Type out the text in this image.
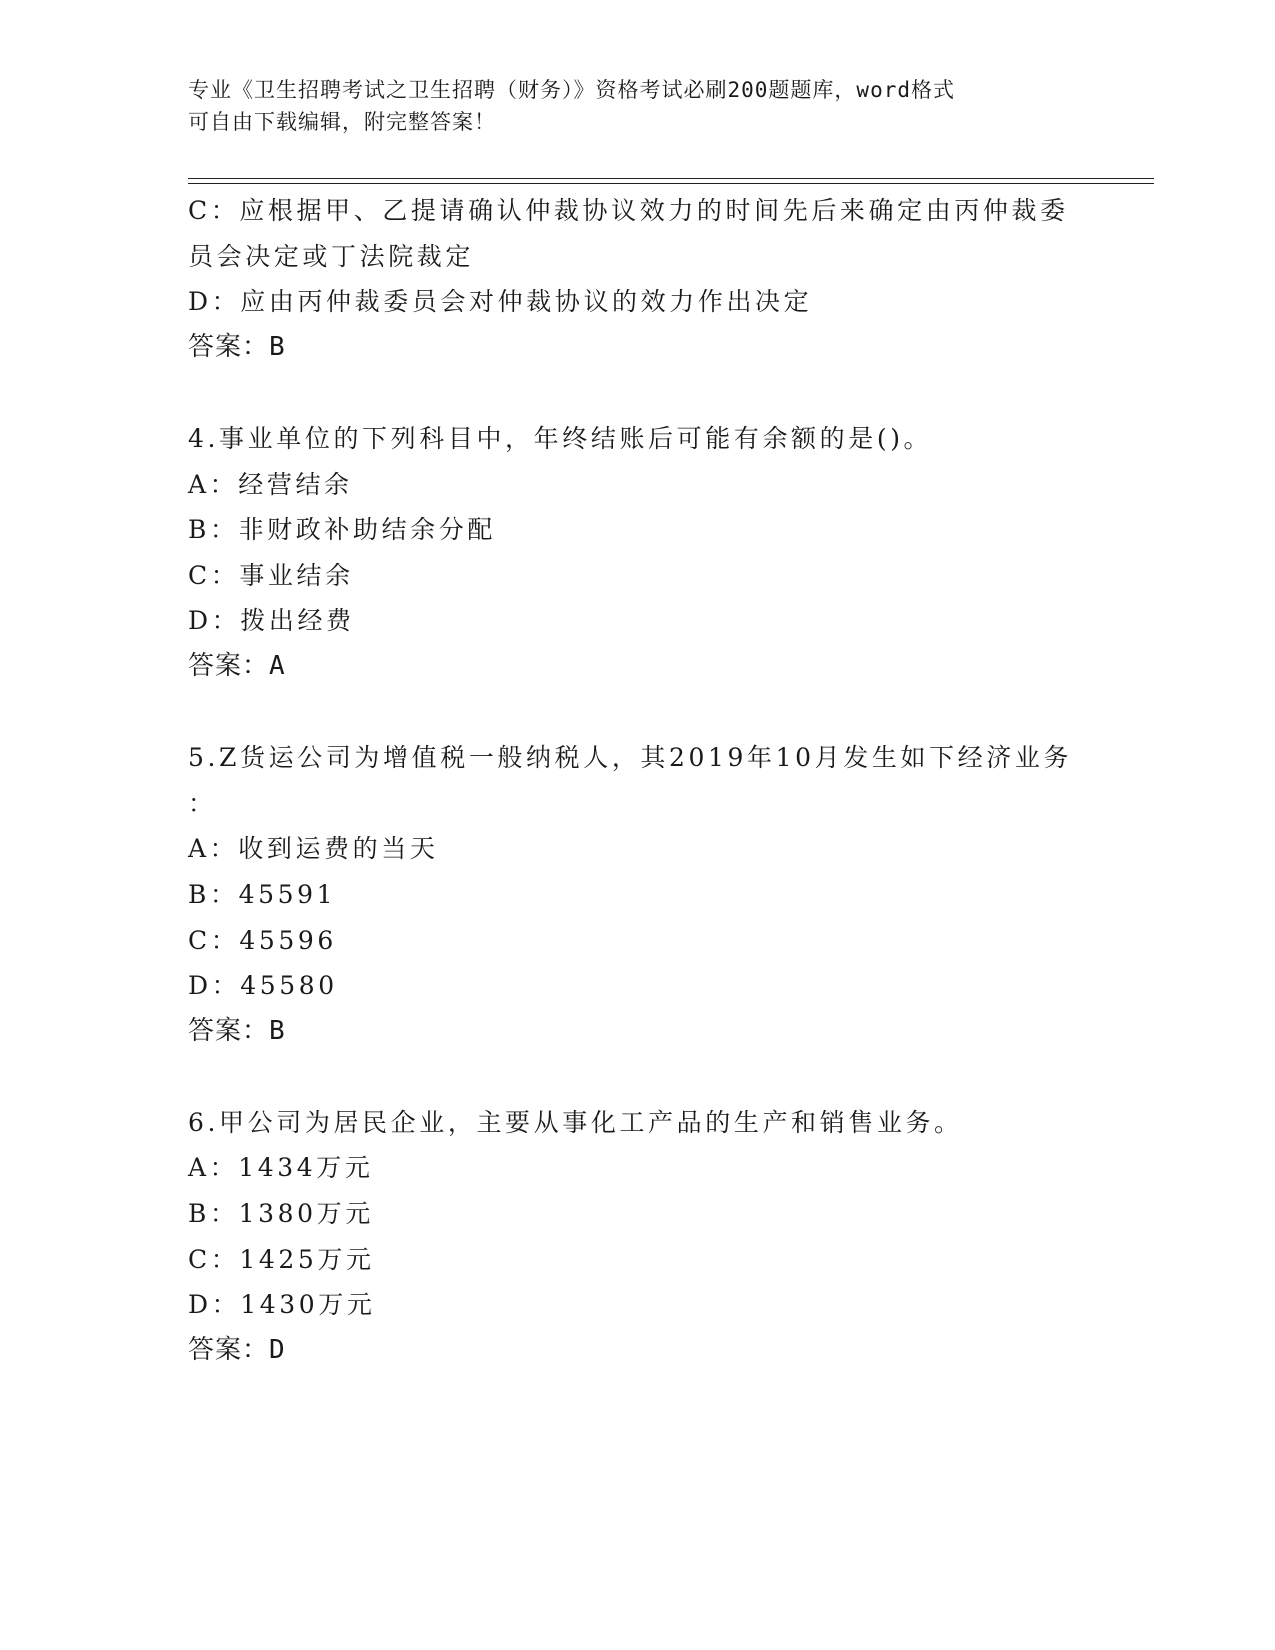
专业《卫生招聘考试之卫生招聘（财务）》资格考试必刷200题题库，word格式
可自由下载编辑，附完整答案！
C：应根据甲、乙提请确认仲裁协议效力的时间先后来确定由丙仲裁委
员会决定或丁法院裁定
D：应由丙仲裁委员会对仲裁协议的效力作出决定
答案：B
4.事业单位的下列科目中，年终结账后可能有余额的是()。
A：经营结余
B：非财政补助结余分配
C：事业结余
D：拨出经费
答案：A
5.Z货运公司为增值税一般纳税人，其2019年10月发生如下经济业务
：
A：收到运费的当天
B：45591
C：45596
D：45580
答案：B
6.甲公司为居民企业，主要从事化工产品的生产和销售业务。
A：1434万元
B：1380万元
C：1425万元
D：1430万元
答案：D
